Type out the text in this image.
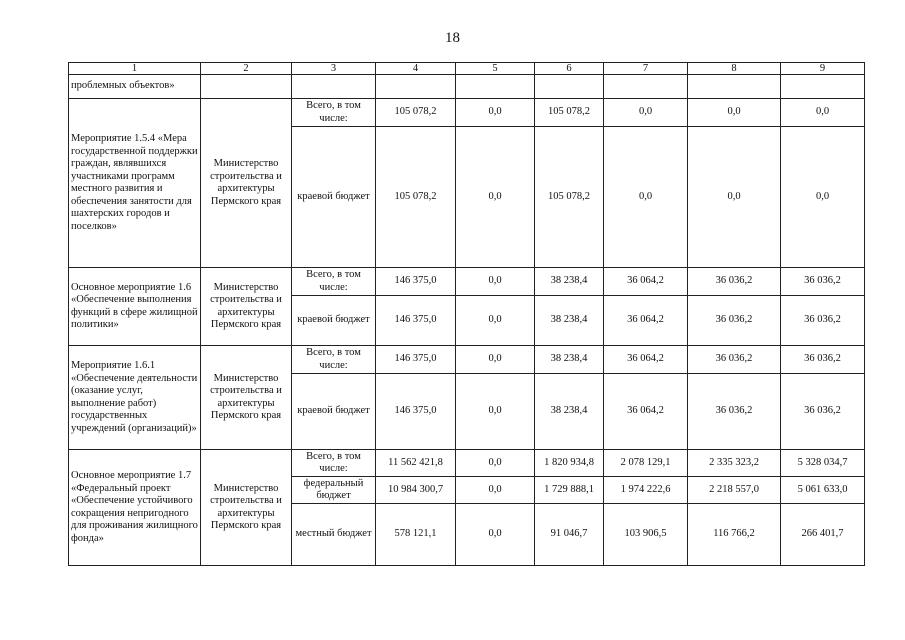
18
1	2	3	4	5	6	7	8	9
проблемных объектов»								
Мероприятие 1.5.4 «Мера государственной поддержки граждан, являвшихся участниками программ местного развития и обеспечения занятости для шахтерских городов и поселков»	Министерство строительства и архитектуры Пермского края	Всего, в том числе:	105 078,2	0,0	105 078,2	0,0	0,0	0,0
		краевой бюджет	105 078,2	0,0	105 078,2	0,0	0,0	0,0
Основное мероприятие 1.6 «Обеспечение выполнения функций в сфере жилищной политики»	Министерство строительства и архитектуры Пермского края	Всего, в том числе:	146 375,0	0,0	38 238,4	36 064,2	36 036,2	36 036,2
		краевой бюджет	146 375,0	0,0	38 238,4	36 064,2	36 036,2	36 036,2
Мероприятие 1.6.1 «Обеспечение деятельности (оказание услуг, выполнение работ) государственных учреждений (организаций)»	Министерство строительства и архитектуры Пермского края	Всего, в том числе:	146 375,0	0,0	38 238,4	36 064,2	36 036,2	36 036,2
		краевой бюджет	146 375,0	0,0	38 238,4	36 064,2	36 036,2	36 036,2
Основное мероприятие 1.7 «Федеральный проект «Обеспечение устойчивого сокращения непригодного для проживания жилищного фонда»	Министерство строительства и архитектуры Пермского края	Всего, в том числе:	11 562 421,8	0,0	1 820 934,8	2 078 129,1	2 335 323,2	5 328 034,7
		федеральный бюджет	10 984 300,7	0,0	1 729 888,1	1 974 222,6	2 218 557,0	5 061 633,0
		местный бюджет	578 121,1	0,0	91 046,7	103 906,5	116 766,2	266 401,7
